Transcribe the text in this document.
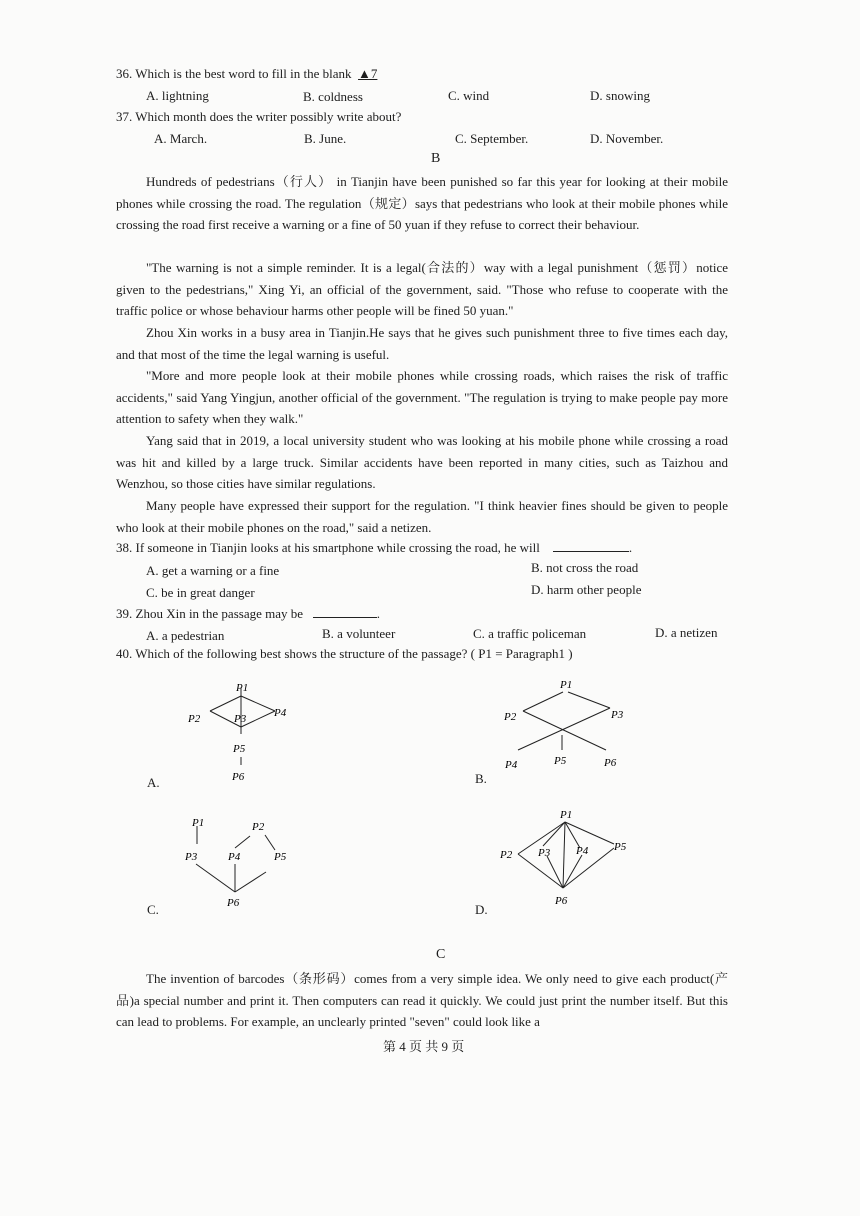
36. Which is the best word to fill in the blank ▲7
A. lightning	B. coldness	C. wind	D. snowing
37. Which month does the writer possibly write about?
A. March.	B. June.	C. September.	D. November.
B
Hundreds of pedestrians（行人） in Tianjin have been punished so far this year for looking at their mobile phones while crossing the road. The regulation（规定）says that pedestrians who look at their mobile phones while crossing the road first receive a warning or a fine of 50 yuan if they refuse to correct their behaviour.
"The warning is not a simple reminder. It is a legal(合法的）way with a legal punishment（惩罚）notice given to the pedestrians," Xing Yi, an official of the government, said. "Those who refuse to cooperate with the traffic police or whose behaviour harms other people will be fined 50 yuan."
Zhou Xin works in a busy area in Tianjin.He says that he gives such punishment three to five times each day, and that most of the time the legal warning is useful.
"More and more people look at their mobile phones while crossing roads, which raises the risk of traffic accidents," said Yang Yingjun, another official of the government. "The regulation is trying to make people pay more attention to safety when they walk."
Yang said that in 2019, a local university student who was looking at his mobile phone while crossing a road was hit and killed by a large truck. Similar accidents have been reported in many cities, such as Taizhou and Wenzhou, so those cities have similar regulations.
Many people have expressed their support for the regulation. "I think heavier fines should be given to people who look at their mobile phones on the road," said a netizen.
38. If someone in Tianjin looks at his smartphone while crossing the road, he will	.
A. get a warning or a fine	B. not cross the road
C. be in great danger	D. harm other people
39. Zhou Xin in the passage may be	.
A. a pedestrian	B. a volunteer	C. a traffic policeman	D. a netizen
40. Which of the following best shows the structure of the passage? ( P1 = Paragraph1 )
P1
P2	P3	P4
P5
P6
A.
P1
P2	P3
P4	P5	P6
B.
P1	P2
P3	P4	P5
P6
C.
P1
P2 P3 P4 P5
P6
D.
C
The invention of barcodes（条形码）comes from a very simple idea. We only need to give each product(产品)a special number and print it. Then computers can read it quickly. We could just print the number itself. But this can lead to problems. For example, an unclearly printed "seven" could look like a
第 4 页 共 9 页
